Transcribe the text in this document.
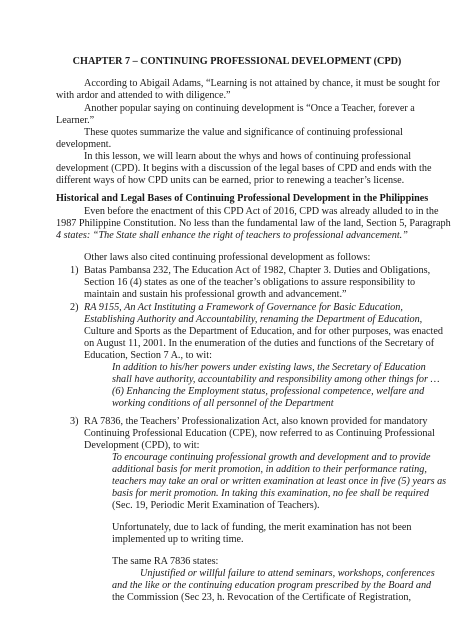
CHAPTER 7 – CONTINUING PROFESSIONAL DEVELOPMENT (CPD)

According to Abigail Adams, “Learning is not attained by chance, it must be sought for

with ardor and attended to with diligence.”

Another popular saying on continuing development is “Once a Teacher, forever a

Learner.”

These quotes summarize the value and significance of continuing professional

development.

In this lesson, we will learn about the whys and hows of continuing professional

development (CPD). It begins with a discussion of the legal bases of CPD and ends with the

different ways of how CPD units can be earned, prior to renewing a teacher’s license.

Historical and Legal Bases of Continuing Professional Development in the Philippines

Even before the enactment of this CPD Act of 2016, CPD was already alluded to in the

1987 Philippine Constitution. No less than the fundamental law of the land, Section 5, Paragraph

4 states: “The State shall enhance the right of teachers to professional advancement.”

Other laws also cited continuing professional development as follows:

1) Batas Pambansa 232, The Education Act of 1982, Chapter 3. Duties and Obligations,

Section 16 (4) states as one of the teacher’s obligations to assure responsibility to

maintain and sustain his professional growth and advancement.”

2) RA 9155, An Act Instituting a Framework of Governance for Basic Education,

Establishing Authority and Accountability, renaming the Department of Education,

Culture and Sports as the Department of Education, and for other purposes, was enacted

on August 11, 2001. In the enumeration of the duties and functions of the Secretary of

Education, Section 7 A., to wit:

In addition to his/her powers under existing laws, the Secretary of Education

shall have authority, accountability and responsibility among other things for …

(6) Enhancing the Employment status, professional competence, welfare and

working conditions of all personnel of the Department

3) RA 7836, the Teachers’ Professionalization Act, also known provided for mandatory

Continuing Professional Education (CPE), now referred to as Continuing Professional

Development (CPD), to wit:

To encourage continuing professional growth and development and to provide

additional basis for merit promotion, in addition to their performance rating,

teachers may take an oral or written examination at least once in five (5) years as

basis for merit promotion. In taking this examination, no fee shall be required

(Sec. 19, Periodic Merit Examination of Teachers).

Unfortunately, due to lack of funding, the merit examination has not been

implemented up to writing time.

The same RA 7836 states:

Unjustified or willful failure to attend seminars, workshops, conferences

and the like or the continuing education program prescribed by the Board and

the Commission (Sec 23, h. Revocation of the Certificate of Registration,
